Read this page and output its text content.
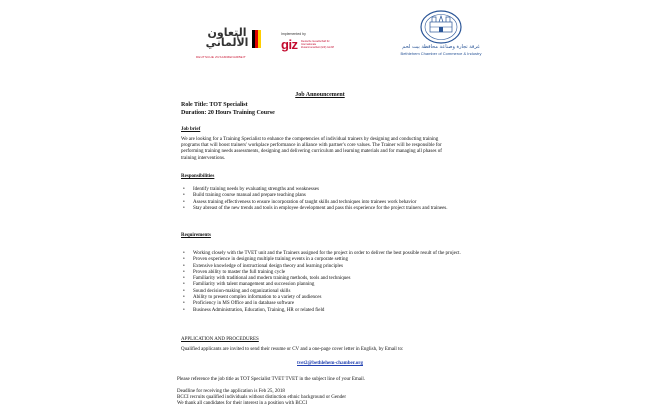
التعاون الألماني
DEUTSCHE ZUSAMMENARBEIT
Implemented by
giz Deutsche Gesellschaft für Internationale Zusammenarbeit (GIZ) GmbH	غرفة تجارة وصناعة محافظة بيت لحم
Bethlehem Chamber of Commerce & Industry
Job Announcement
Role Title: TOT Specialist
Duration: 20 Hours Training Course
Job brief
We are looking for a Training Specialist to enhance the competencies of individual trainers by designing and conducting training programs that will boost trainers' workplace performance in alliance with partner's core values. The Trainer will be responsible for performing training needs assessments, designing and delivering curriculum and learning materials and for managing all phases of training interventions.
Responsibilities
• Identify training needs by evaluating strengths and weaknesses
• Build training course manual and prepare teaching plans
• Assess training effectiveness to ensure incorporation of taught skills and techniques into trainees work behavior
• Stay abreast of the new trends and tools in employee development and pass this experience for the project trainers and trainees.
Requirements
• Working closely with the TVET unit and the Trainers assigned for the project in order to deliver the best possible result of the project.
• Proven experience in designing multiple training events in a corporate setting
• Extensive knowledge of instructional design theory and learning principles
• Proven ability to master the full training cycle
• Familiarity with traditional and modern training methods, tools and techniques
• Familiarity with talent management and succession planning
• Sound decision-making and organizational skills
• Ability to present complex information to a variety of audiences
• Proficiency in MS Office and in database software
• Business Administration, Education, Training, HR or related field
APPLICATION AND PROCEDURES
Qualified applicants are invited to send their resume or CV and a one-page cover letter in English, by Email to:
tvet2@bethlehem-chamber.org
Please reference the job title as TOT Specialist TVET TVET in the subject line of your Email.
Deadline for receiving the application is Feb 25, 2018
BCCI recruits qualified individuals without distinction ethnic background or Gender
We thank all candidates for their interest in a position with BCCI
